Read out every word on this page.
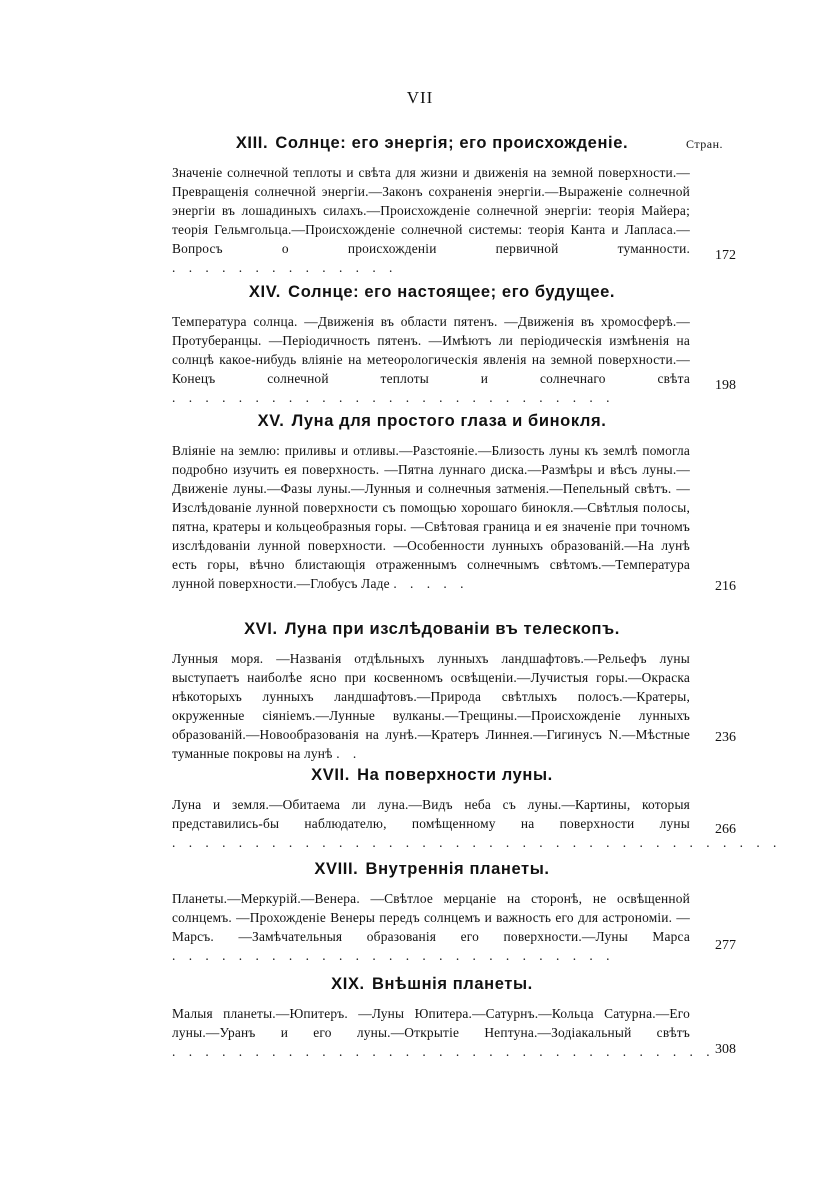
VII
Стран.
XIII. Солнце: его энергія; его происхожденіе.
Значеніе солнечной теплоты и свѣта для жизни и движенія на земной поверхности.—Превращенія солнечной энергіи.—Законъ сохраненія энергіи.—Выраженіе солнечной энергіи въ лошадиныхъ силахъ.—Происхожденіе солнечной энергіи: теорія Майера; теорія Гельмгольца.—Происхожденіе солнечной системы: теорія Канта и Лапласа.—Вопросъ о происхожденіи первичной туманности. . . . . . . . . . . . . . .
172
XIV. Солнце: его настоящее; его будущее.
Температура солнца. —Движенія въ области пятенъ. —Движенія въ хромосферѣ.—Протуберанцы. —Періодичность пятенъ. —Имѣютъ ли періодическія измѣненія на солнцѣ какое-нибудь вліяніе на метеорологическія явленія на земной поверхности.—Конецъ солнечной теплоты и солнечнаго свѣта . . . . . . . . . . . . . . . . . . . . . . . . . . .
198
XV. Луна для простого глаза и бинокля.
Вліяніе на землю: приливы и отливы.—Разстояніе.—Близость луны къ землѣ помогла подробно изучить ея поверхность. —Пятна луннаго диска.—Размѣры и вѣсъ луны.—Движеніе луны.—Фазы луны.—Лунныя и солнечныя затменія.—Пепельный свѣтъ. —Изслѣдованіе лунной поверхности съ помощью хорошаго бинокля.—Свѣтлыя полосы, пятна, кратеры и кольцеобразныя горы. —Свѣтовая граница и ея значеніе при точномъ изслѣдованіи лунной поверхности. —Особенности лунныхъ образованій.—На лунѣ есть горы, вѣчно блистающія отраженнымъ солнечнымъ свѣтомъ.—Температура лунной поверхности.—Глобусъ Ладе . . . . .	216
XVI. Луна при изслѣдованіи въ телескопъ.
Лунныя моря. —Названія отдѣльныхъ лунныхъ ландшафтовъ.—Рельефъ луны выступаетъ наиболѣе ясно при косвенномъ освѣщеніи.—Лучистыя горы.—Окраска нѣкоторыхъ лунныхъ ландшафтовъ.—Природа свѣтлыхъ полосъ.—Кратеры, окруженные сіяніемъ.—Лунные вулканы.—Трещины.—Происхожденіе лунныхъ образованій.—Новообразованія на лунѣ.—Кратеръ Линнея.—Гигинусъ N.—Мѣстные туманные покровы на лунѣ . .
236
XVII. На поверхности луны.
Луна и земля.—Обитаема ли луна.—Видъ неба съ луны.—Картины, которыя представились-бы наблюдателю, помѣщенному на поверхности луны . . . . . . . . . . . . . . . . . . . . . . . . . . . . . . . . . . . . .
266
XVIII. Внутреннія планеты.
Планеты.—Меркурій.—Венера. —Свѣтлое мерцаніе на сторонѣ, не освѣщенной солнцемъ. —Прохожденіе Венеры передъ солнцемъ и важность его для астрономіи. —Марсъ. —Замѣчательныя образованія его поверхности.—Луны Марса . . . . . . . . . . . . . . . . . . . . . . . . . . .
277
XIX. Внѣшнія планеты.
Малыя планеты.—Юпитеръ. —Луны Юпитера.—Сатурнъ.—Кольца Сатурна.—Его луны.—Уранъ и его луны.—Открытіе Нептуна.—Зодіакальный свѣтъ . . . . . . . . . . . . . . . . . . . . . . . . . . . . . . . . . 308
